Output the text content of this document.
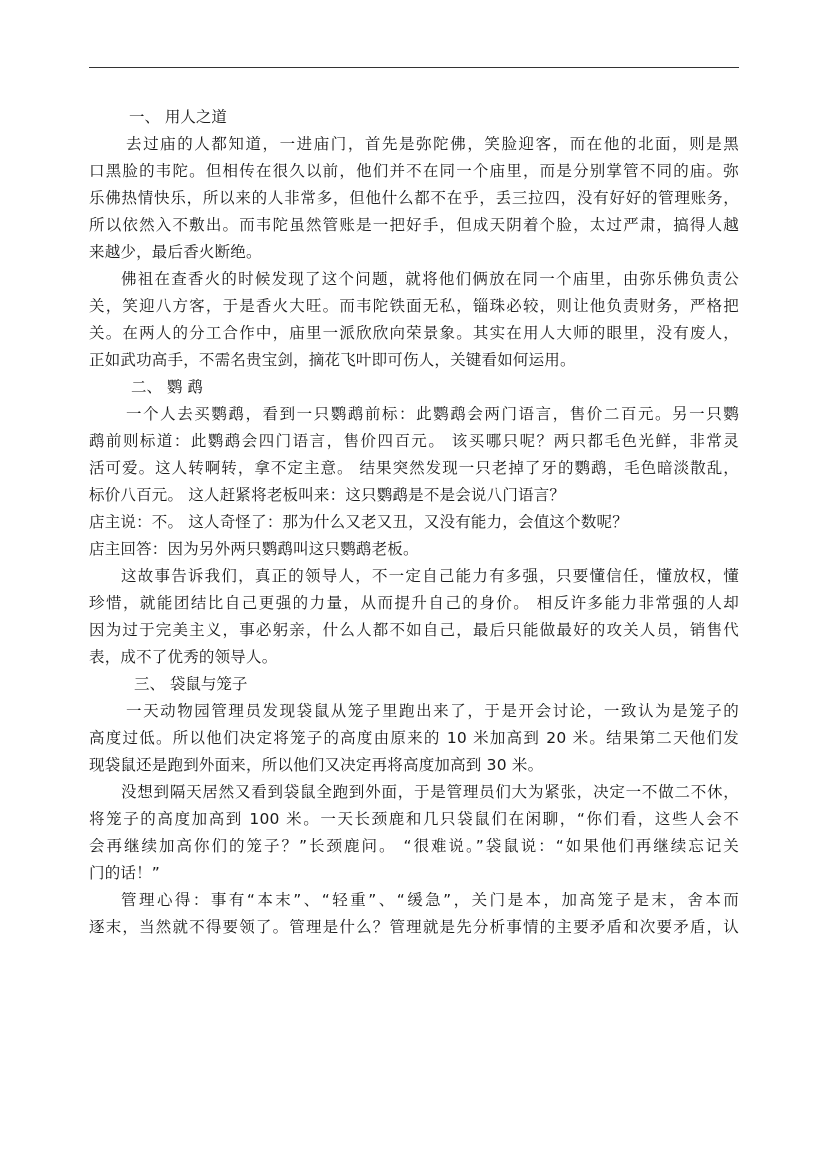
一、 用人之道
去过庙的人都知道，一进庙门，首先是弥陀佛，笑脸迎客，而在他的北面，则是黑
口黑脸的韦陀。但相传在很久以前，他们并不在同一个庙里，而是分别掌管不同的庙。弥
乐佛热情快乐，所以来的人非常多，但他什么都不在乎，丢三拉四，没有好好的管理账务，
所以依然入不敷出。而韦陀虽然管账是一把好手，但成天阴着个脸，太过严肃，搞得人越
来越少，最后香火断绝。
佛祖在查香火的时候发现了这个问题，就将他们俩放在同一个庙里，由弥乐佛负责公
关，笑迎八方客，于是香火大旺。而韦陀铁面无私，锱珠必较，则让他负责财务，严格把
关。在两人的分工合作中，庙里一派欣欣向荣景象。其实在用人大师的眼里，没有废人，
正如武功高手，不需名贵宝剑，摘花飞叶即可伤人，关键看如何运用。
二、 鹦 鹉
一个人去买鹦鹉，看到一只鹦鹉前标：此鹦鹉会两门语言，售价二百元。另一只鹦
鹉前则标道：此鹦鹉会四门语言，售价四百元。 该买哪只呢？两只都毛色光鲜，非常灵
活可爱。这人转啊转，拿不定主意。 结果突然发现一只老掉了牙的鹦鹉，毛色暗淡散乱，
标价八百元。 这人赶紧将老板叫来：这只鹦鹉是不是会说八门语言？
店主说：不。 这人奇怪了：那为什么又老又丑，又没有能力，会值这个数呢？
店主回答：因为另外两只鹦鹉叫这只鹦鹉老板。
这故事告诉我们，真正的领导人，不一定自己能力有多强，只要懂信任，懂放权，懂
珍惜，就能团结比自己更强的力量，从而提升自己的身价。 相反许多能力非常强的人却
因为过于完美主义，事必躬亲，什么人都不如自己，最后只能做最好的攻关人员，销售代
表，成不了优秀的领导人。
三、 袋鼠与笼子
一天动物园管理员发现袋鼠从笼子里跑出来了，于是开会讨论，一致认为是笼子的
高度过低。所以他们决定将笼子的高度由原来的 10 米加高到 20 米。结果第二天他们发
现袋鼠还是跑到外面来，所以他们又决定再将高度加高到 30 米。
没想到隔天居然又看到袋鼠全跑到外面，于是管理员们大为紧张，决定一不做二不休，
将笼子的高度加高到 100 米。一天长颈鹿和几只袋鼠们在闲聊，“你们看，这些人会不
会再继续加高你们的笼子？”长颈鹿问。 “很难说。”袋鼠说：“如果他们再继续忘记关
门的话！”
管理心得：事有“本末”、“轻重”、“缓急”，关门是本，加高笼子是末，舍本而
逐末，当然就不得要领了。管理是什么？管理就是先分析事情的主要矛盾和次要矛盾，认
